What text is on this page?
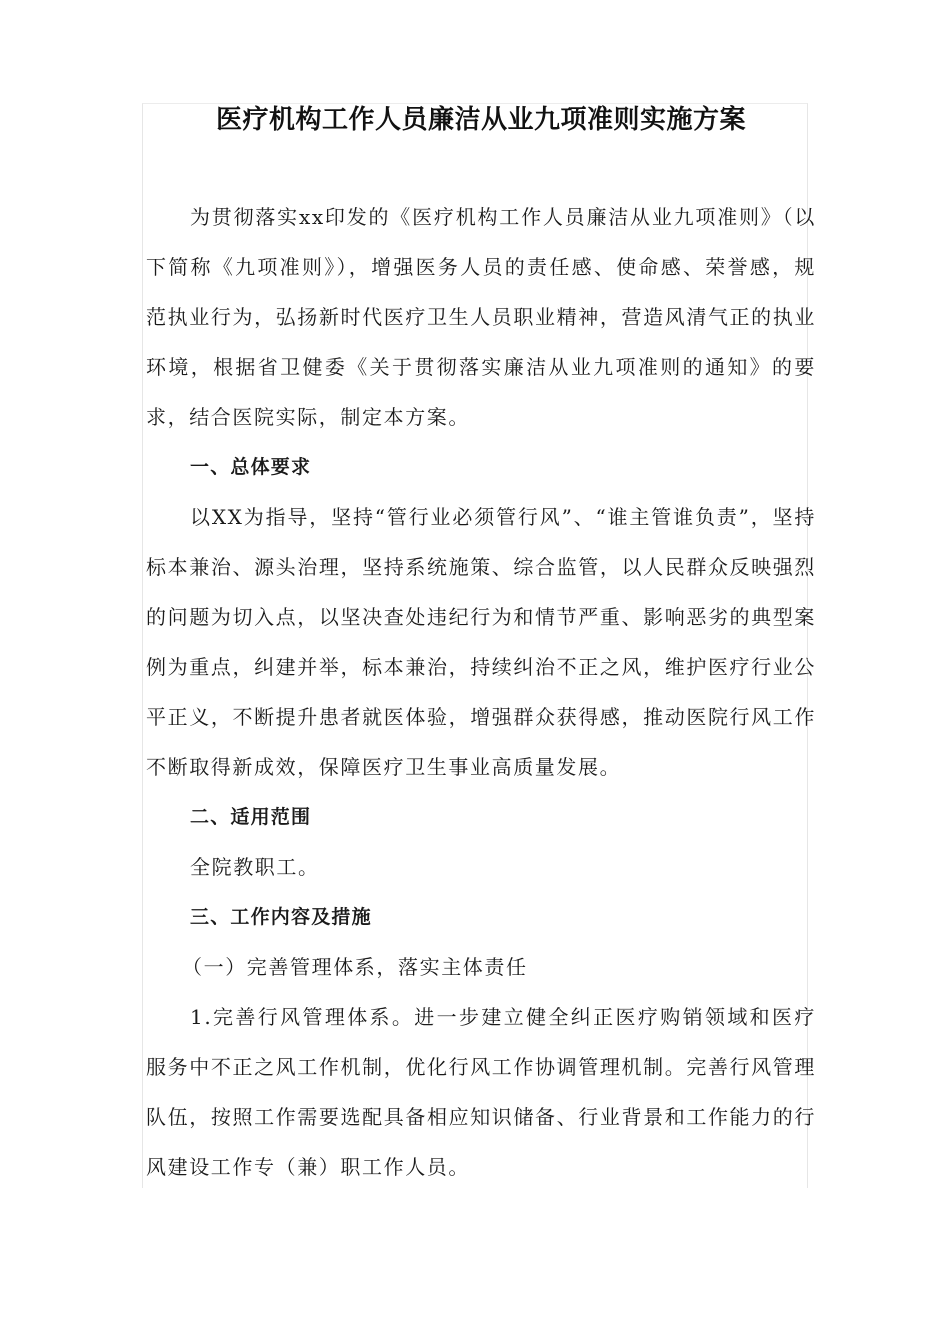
医疗机构工作人员廉洁从业九项准则实施方案

为贯彻落实xx印发的《医疗机构工作人员廉洁从业九项准则》（以下简称《九项准则》），增强医务人员的责任感、使命感、荣誉感，规范执业行为，弘扬新时代医疗卫生人员职业精神，营造风清气正的执业环境，根据省卫健委《关于贯彻落实廉洁从业九项准则的通知》的要求，结合医院实际，制定本方案。

一、总体要求

以XX为指导，坚持“管行业必须管行风”、“谁主管谁负责”，坚持标本兼治、源头治理，坚持系统施策、综合监管，以人民群众反映强烈的问题为切入点，以坚决查处违纪行为和情节严重、影响恶劣的典型案例为重点，纠建并举，标本兼治，持续纠治不正之风，维护医疗行业公平正义，不断提升患者就医体验，增强群众获得感，推动医院行风工作不断取得新成效，保障医疗卫生事业高质量发展。

二、适用范围

全院教职工。

三、工作内容及措施

（一）完善管理体系，落实主体责任

1.完善行风管理体系。进一步建立健全纠正医疗购销领域和医疗服务中不正之风工作机制，优化行风工作协调管理机制。完善行风管理队伍，按照工作需要选配具备相应知识储备、行业背景和工作能力的行风建设工作专（兼）职工作人员。
